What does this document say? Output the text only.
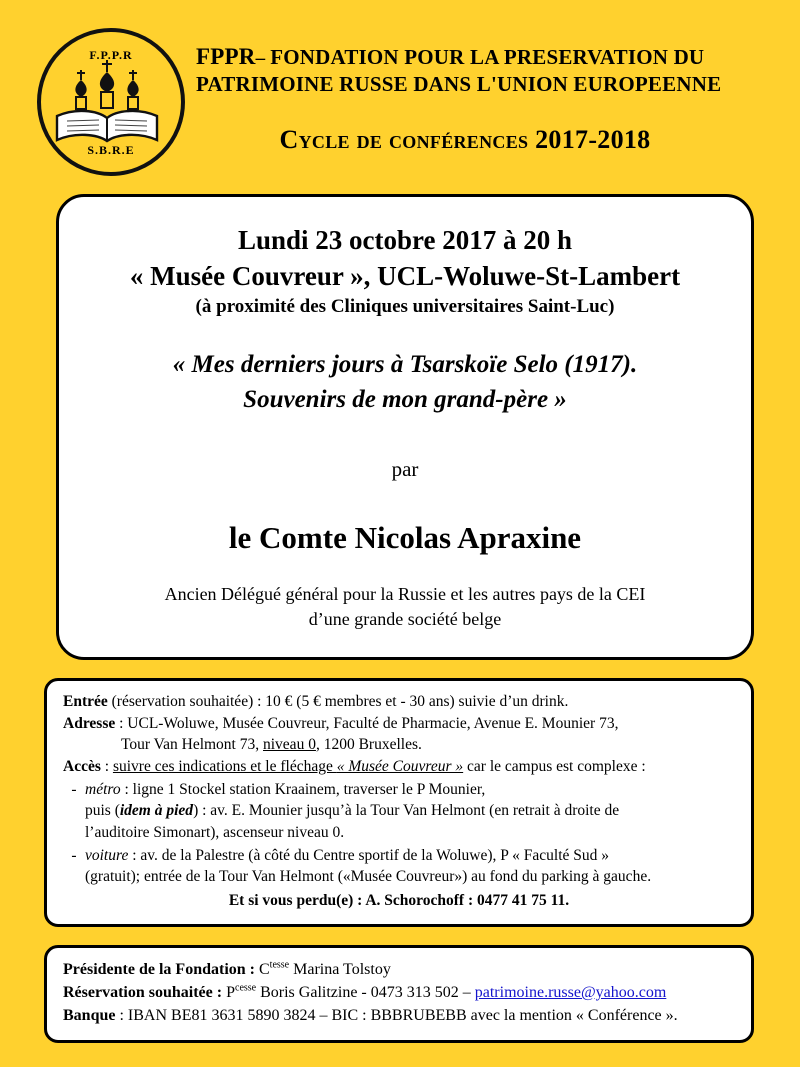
F.P.P.R
S.B.R.E
FPPR– FONDATION POUR LA PRESERVATION DU
PATRIMOINE RUSSE DANS L'UNION EUROPEENNE
Cycle de conférences 2017-2018
Lundi 23 octobre 2017 à 20 h
« Musée Couvreur », UCL-Woluwe-St-Lambert
(à proximité des Cliniques universitaires Saint-Luc)
« Mes derniers jours à Tsarskoïe Selo (1917).
Souvenirs de mon grand-père »
par
le Comte Nicolas Apraxine
Ancien Délégué général pour la Russie et les autres pays de la CEI
d’une grande société belge
Entrée (réservation souhaitée) : 10 € (5 € membres et - 30 ans) suivie d’un drink.
Adresse : UCL-Woluwe, Musée Couvreur, Faculté de Pharmacie, Avenue E. Mounier 73,
Tour Van Helmont 73, niveau 0, 1200 Bruxelles.
Accès : suivre ces indications et le fléchage « Musée Couvreur » car le campus est complexe :
- métro : ligne 1 Stockel station Kraainem, traverser le P Mounier,
puis (idem à pied) : av. E. Mounier jusqu’à la Tour Van Helmont (en retrait à droite de
l’auditoire Simonart), ascenseur niveau 0.
- voiture : av. de la Palestre (à côté du Centre sportif de la Woluwe), P « Faculté Sud »
(gratuit); entrée de la Tour Van Helmont («Musée Couvreur») au fond du parking à gauche.
Et si vous perdu(e) : A. Schorochoff : 0477 41 75 11.
Présidente de la Fondation : $C^{tesse}$ Marina Tolstoy
Réservation souhaitée : $P^{cesse}$ Boris Galitzine - 0473 313 502 – patrimoine.russe@yahoo.com
Banque : IBAN BE81 3631 5890 3824 – BIC : BBBRUBEBB avec la mention « Conférence ».
